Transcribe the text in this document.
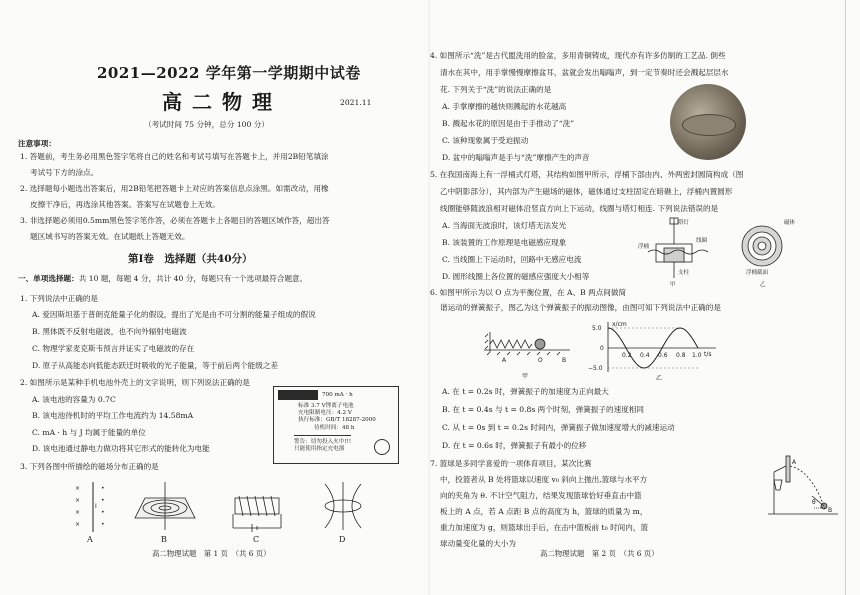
2021—2022 学年第一学期期中试卷
高二物理	2021.11
（考试时间 75 分钟，总分 100 分）
注意事项：
1. 答题前，考生务必用黑色签字笔将自己的姓名和考试号填写在答题卡上，并用2B铅笔填涂
考试号下方的涂点。
2. 选择题每小题选出答案后，用2B铅笔把答题卡上对应的答案信息点涂黑。如需改动，用橡
皮擦干净后，再选涂其他答案。答案写在试题卷上无效。
3. 非选择题必须用0.5mm黑色签字笔作答，必须在答题卡上各题目的答题区域作答，超出答
题区域书写的答案无效。在试题纸上答题无效。
第Ⅰ卷　选择题（共40分）
一、单项选择题：共 10 题，每题 4 分，共计 40 分，每题只有一个选项最符合题意。
1. 下列说法中正确的是
A. 爱因斯坦基于普朗克能量子化的假设，提出了光是由不可分割的能量子组成的假说
B. 黑体既不反射电磁波，也不向外辐射电磁波
C. 物理学家麦克斯韦预言并证实了电磁波的存在
D. 原子从高能态向低能态跃迁时吸收的光子能量，等于前后两个能级之差
2. 如图所示是某种手机电池外壳上的文字说明，则下列说法正确的是
A. 该电池的容量为 0.7C
B. 该电池待机时的平均工作电流约为 14.58mA
C. mA · h 与 J 均属于能量的单位
D. 该电池通过静电力做功将其它形式的能转化为电能
700 mA · h
标准 3.7 V锂离子电池
充电限制电压：4.2 V
执行标准：GB/T 18287-2000
待机时间：48 h
警告：切勿投入火中!!!
只能使用指定充电器
3. 下列各图中所描绘的磁场分布正确的是
×
×
×
×
•
•
•
•
I
A	B	C	D
高二物理试题　第 1 页　（共 6 页）
4. 如图所示“洗”是古代盥洗用的脸盆，多用青铜铸成，现代亦有许多仿制的工艺品. 倒些
清水在其中，用手掌慢慢摩擦盆耳，盆就会发出嗡嗡声，到一定节奏时还会溅起层层水
花. 下列关于“洗”的说法正确的是
A. 手掌摩擦的越快则溅起的水花越高
B. 溅起水花的原因是由于手推动了“洗”
C. 该种现象属于受迫振动
D. 盆中的嗡嗡声是手与“洗”摩擦产生的声音
5. 在我国南海上有一浮桶式灯塔，其结构如图甲所示，浮桶下部由内、外两密封圆筒构成（图
乙中阴影部分），其内部为产生磁场的磁体，磁体通过支柱固定在暗礁上，浮桶内置圆形
线圈能够随波浪相对磁体沿竖直方向上下运动，线圈与塔灯相连. 下列说法错误的是
A. 当海面无波浪时，该灯塔无法发光
B. 该装置的工作原理是电磁感应现象
C. 当线圈上下运动时，回路中无感应电流
D. 圆形线圈上各位置的磁感应强度大小相等
塔灯
浮桶
线圈
支柱
甲
磁体
浮桶截面
乙
6. 如图甲所示为以 O 点为平衡位置，在 A、B 两点间做简
谐运动的弹簧振子，图乙为这个弹簧振子的振动图像，由图可知下列说法中正确的是
A	O	B
甲
x/cm
t/s
5.0
0
−5.0
0.2 0.4 0.6 0.8 1.0
乙
A. 在 t = 0.2s 时，弹簧振子的加速度为正向最大
B. 在 t = 0.4s 与 t = 0.8s 两个时刻，弹簧振子的速度相同
C. 从 t = 0s 到 t = 0.2s 时间内，弹簧振子做加速度增大的减速运动
D. 在 t = 0.6s 时，弹簧振子有最小的位移
7. 篮球是多同学喜爱的一项体育项目，某次比赛
中，投篮者从 B 处将篮球以速度 v₀ 斜向上抛出,篮球与水平方
向的夹角为 θ. 不计空气阻力，结果发现篮球恰好垂直击中篮
板上的 A 点，若 A 点距 B 点的高度为 h，篮球的质量为 m，
重力加速度为 g，则篮球出手后，在击中篮板前 t₀ 时间内，篮
球动量变化量的大小为
A
θ
B
高二物理试题　第 2 页　（共 6 页）
